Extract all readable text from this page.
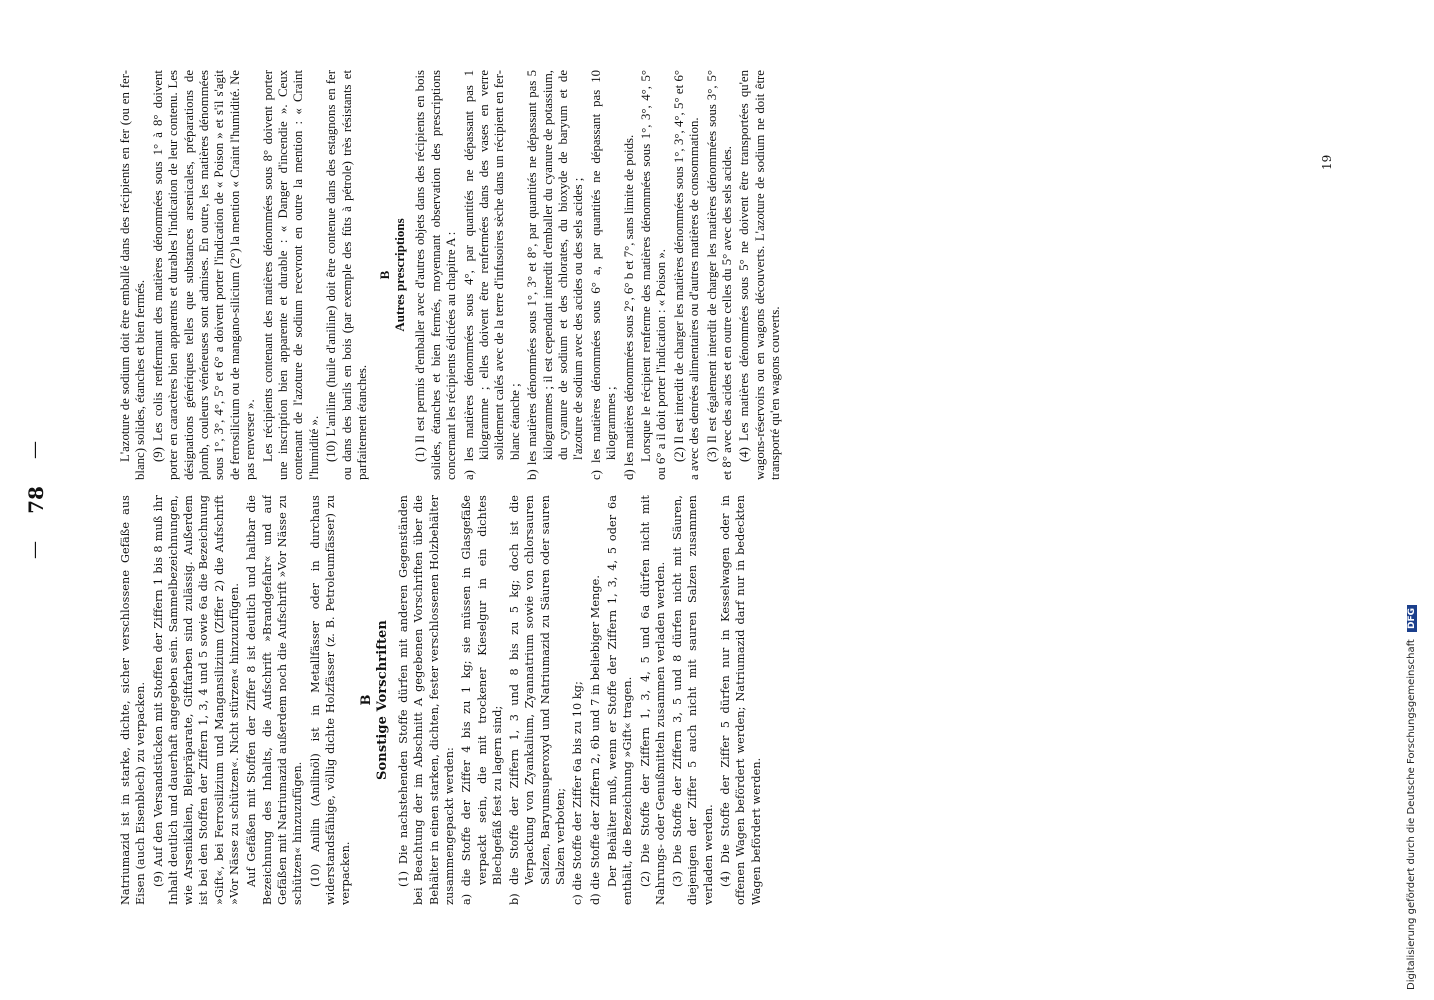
—
78
—

Natriumazid ist in starke, dichte, sicher verschlossene Gefäße aus Eisen (auch Eisenblech) zu verpacken. (9) Auf den Versandstücken mit Stoffen der Ziffern 1 bis 8 muß ihr Inhalt deutlich und dauerhaft angegeben sein. Sammelbezeichnungen, wie Arsenikalien, Bleipräparate, Giftfarben sind zulässig. Außerdem ist bei den Stoffen der Ziffern 1, 3, 4 und 5 sowie 6a die Bezeichnung »Gift«, bei Ferrosilizium und Mangansilizium (Ziffer 2) die Aufschrift »Vor Nässe zu schützen«. Nicht stürzen« hinzuzufügen. Auf Gefäßen mit Stoffen der Ziffer 8 ist deutlich und haltbar die Bezeichnung des Inhalts, die Aufschrift »Brandgefahr« und auf Gefäßen mit Natriumazid außerdem noch die Aufschrift »Vor Nässe zu schützen« hinzuzufügen. (10) Anilin (Anilinöl) ist in Metallfässer oder in durchaus widerstandsfähige, völlig dichte Holzfässer (z. B. Petroleumfässer) zu verpacken.

B Sonstige Vorschriften (1) Die nachstehenden Stoffe dürfen mit anderen Gegenständen bei Beachtung der im Abschnitt A gegebenen Vorschriften über die Behälter in einen starken, dichten, fester verschlossenen Holzbehälter zusammengepackt werden: a) die Stoffe der Ziffer 4 bis zu 1 kg; sie müssen in Glasgefäße verpackt sein, die mit trockener Kieselgur in ein dichtes Blechgefäß fest zu lagern sind; b) die Stoffe der Ziffern 1, 3 und 8 bis zu 5 kg; doch ist die Verpackung von Zyankalium, Zyannatrium sowie von chlorsauren Salzen, Baryumsuperoxyd und Natriumazid zu Säuren oder sauren Salzen verboten; c) die Stoffe der Ziffer 6a bis zu 10 kg; d) die Stoffe der Ziffern 2, 6b und 7 in beliebiger Menge. Der Behälter muß, wenn er Stoffe der Ziffern 1, 3, 4, 5 oder 6a enthält, die Bezeichnung »Gift« tragen. (2) Die Stoffe der Ziffern 1, 3, 4, 5 und 6a dürfen nicht mit Nahrungs- oder Genußmitteln zusammen verladen werden. (3) Die Stoffe der Ziffern 3, 5 und 8 dürfen nicht mit Säuren, diejenigen der Ziffer 5 auch nicht mit sauren Salzen zusammen verladen werden. (4) Die Stoffe der Ziffer 5 dürfen nur in Kesselwagen oder in offenen Wagen befördert werden; Natriumazid darf nur in bedeckten Wagen befördert werden.

L'azoture de sodium doit être emballé dans des récipients en fer (ou en fer-blanc) solides, étanches et bien fermés. (9) Les colis renfermant des matières dénommées sous 1° à 8° doivent porter en caractères bien apparents et durables l'indication de leur contenu. Les désignations génériques telles que substances arsenicales, préparations de plomb, couleurs vénéneuses sont admises. En outre, les matières dénommées sous 1°, 3°, 4°, 5° et 6° a doivent porter l'indication de « Poison » et s'il s'agit de ferrosilicium ou de mangano-silicium (2°) la mention « Craint l'humidité. Ne pas renverser ». Les récipients contenant des matières dénommées sous 8° doivent porter une inscription bien apparente et durable : « Danger d'incendie ». Ceux contenant de l'azoture de sodium recevront en outre la mention : « Craint l'humidité ». (10) L'aniline (huile d'aniline) doit être contenue dans des estagnons en fer ou dans des barils en bois (par exemple des fûts à pétrole) très résistants et parfaitement étanches.

B Autres prescriptions (1) Il est permis d'emballer avec d'autres objets dans des récipients en bois solides, étanches et bien fermés, moyennant observation des prescriptions concernant les récipients édictées au chapitre A : a) les matières dénommées sous 4°, par quantités ne dépassant pas 1 kilogramme ; elles doivent être renfermées dans des vases en verre solidement calés avec de la terre d'infusoires sèche dans un récipient en fer-blanc étanche ; b) les matières dénommées sous 1°, 3° et 8°, par quantités ne dépassant pas 5 kilogrammes ; il est cependant interdit d'emballer du cyanure de potassium, du cyanure de sodium et des chlorates, du bioxyde de baryum et de l'azoture de sodium avec des acides ou des sels acides ; c) les matières dénommées sous 6° a, par quantités ne dépassant pas 10 kilogrammes ; d) les matières dénommées sous 2°, 6° b et 7°, sans limite de poids. Lorsque le récipient renferme des matières dénommées sous 1°, 3°, 4°, 5° ou 6° a il doit porter l'indication : « Poison ». (2) Il est interdit de charger les matières dénommées sous 1°, 3°, 4°, 5° et 6° a avec des denrées alimentaires ou d'autres matières de consommation. (3) Il est également interdit de charger les matières dénommées sous 3°, 5° et 8° avec des acides et en outre celles du 5° avec des sels acides. (4) Les matières dénommées sous 5° ne doivent être transportées qu'en wagons-réservoirs ou en wagons découverts. L'azoture de sodium ne doit être transporté qu'en wagons couverts.

19
Digitalisierung gefördert durch die Deutsche Forschungsgemeinschaft DFG
